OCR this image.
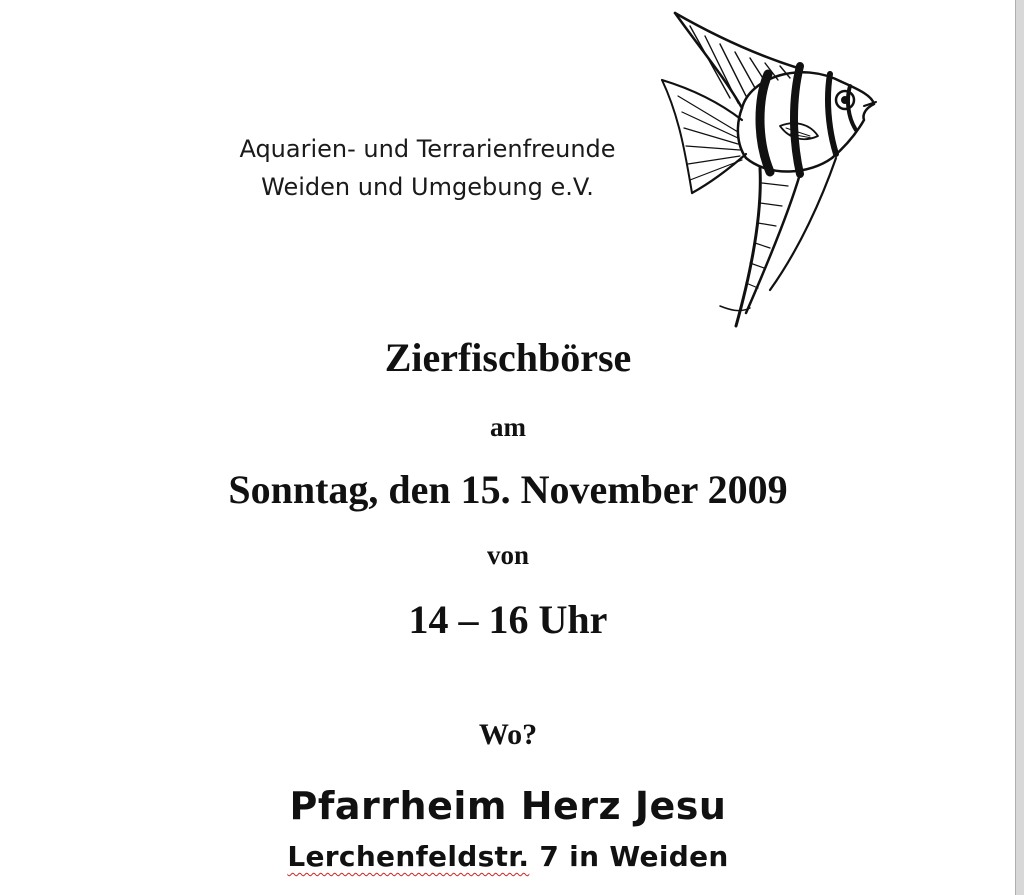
Aquarien- und Terrarienfreunde
Weiden und Umgebung e.V.
Zierfischbörse
am
Sonntag, den 15. November 2009
von
14 – 16 Uhr
Wo?
Pfarrheim Herz Jesu
Lerchenfeldstr. 7 in Weiden
